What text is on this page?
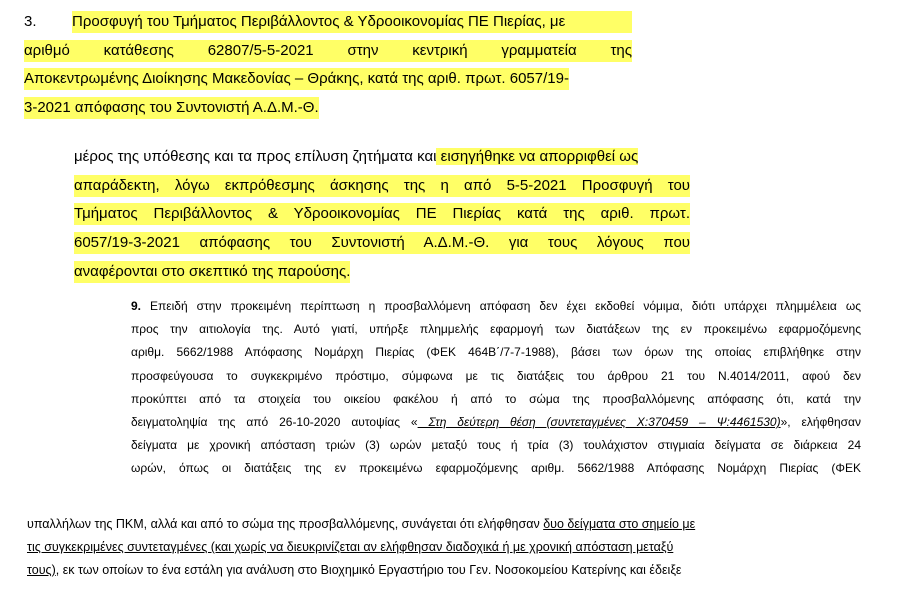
3. Προσφυγή του Τμήματος Περιβάλλοντος & Υδροοικονομίας ΠΕ Πιερίας, με
αριθμό κατάθεσης 62807/5-5-2021 στην κεντρική γραμματεία της
Αποκεντρωμένης Διοίκησης Μακεδονίας – Θράκης, κατά της αριθ. πρωτ. 6057/19-
3-2021 απόφασης του Συντονιστή Α.Δ.Μ.-Θ.
μέρος της υπόθεσης και τα προς επίλυση ζητήματα και εισηγήθηκε να απορριφθεί ως
απαράδεκτη, λόγω εκπρόθεσμης άσκησης της η από 5-5-2021 Προσφυγή του
Τμήματος Περιβάλλοντος & Υδροοικονομίας ΠΕ Πιερίας κατά της αριθ. πρωτ.
6057/19-3-2021 απόφασης του Συντονιστή Α.Δ.Μ.-Θ. για τους λόγους που
αναφέρονται στο σκεπτικό της παρούσης.
9. Επειδή στην προκειμένη περίπτωση η προσβαλλόμενη απόφαση δεν έχει εκδοθεί νόμιμα, διότι υπάρχει πλημμέλεια ως
προς την αιτιολογία της. Αυτό γιατί, υπήρξε πλημμελής εφαρμογή των διατάξεων της εν προκειμένω εφαρμοζόμενης
αριθμ. 5662/1988 Απόφασης Νομάρχη Πιερίας (ΦΕΚ 464Β΄/7-7-1988), βάσει των όρων της οποίας επιβλήθηκε στην
προσφεύγουσα το συγκεκριμένο πρόστιμο, σύμφωνα με τις διατάξεις του άρθρου 21 του Ν.4014/2011, αφού δεν
προκύπτει από τα στοιχεία του οικείου φακέλου ή από το σώμα της προσβαλλόμενης απόφασης ότι, κατά την
δειγματοληψία της από 26-10-2020 αυτοψίας « Στη δεύτερη θέση (συντεταγμένες Χ:370459 – Ψ:4461530)», ελήφθησαν
δείγματα με χρονική απόσταση τριών (3) ωρών μεταξύ τους ή τρία (3) τουλάχιστον στιγμιαία δείγματα σε διάρκεια 24
ωρών, όπως οι διατάξεις της εν προκειμένω εφαρμοζόμενης αριθμ. 5662/1988 Απόφασης Νομάρχη Πιερίας (ΦΕΚ
υπαλλήλων της ΠΚΜ, αλλά και από το σώμα της προσβαλλόμενης, συνάγεται ότι ελήφθησαν δυο δείγματα στο σημείο με
τις συγκεκριμένες συντεταγμένες (και χωρίς να διευκρινίζεται αν ελήφθησαν διαδοχικά ή με χρονική απόσταση μεταξύ
τους), εκ των οποίων το ένα εστάλη για ανάλυση στο Βιοχημικό Εργαστήριο του Γεν. Νοσοκομείου Κατερίνης και έδειξε
